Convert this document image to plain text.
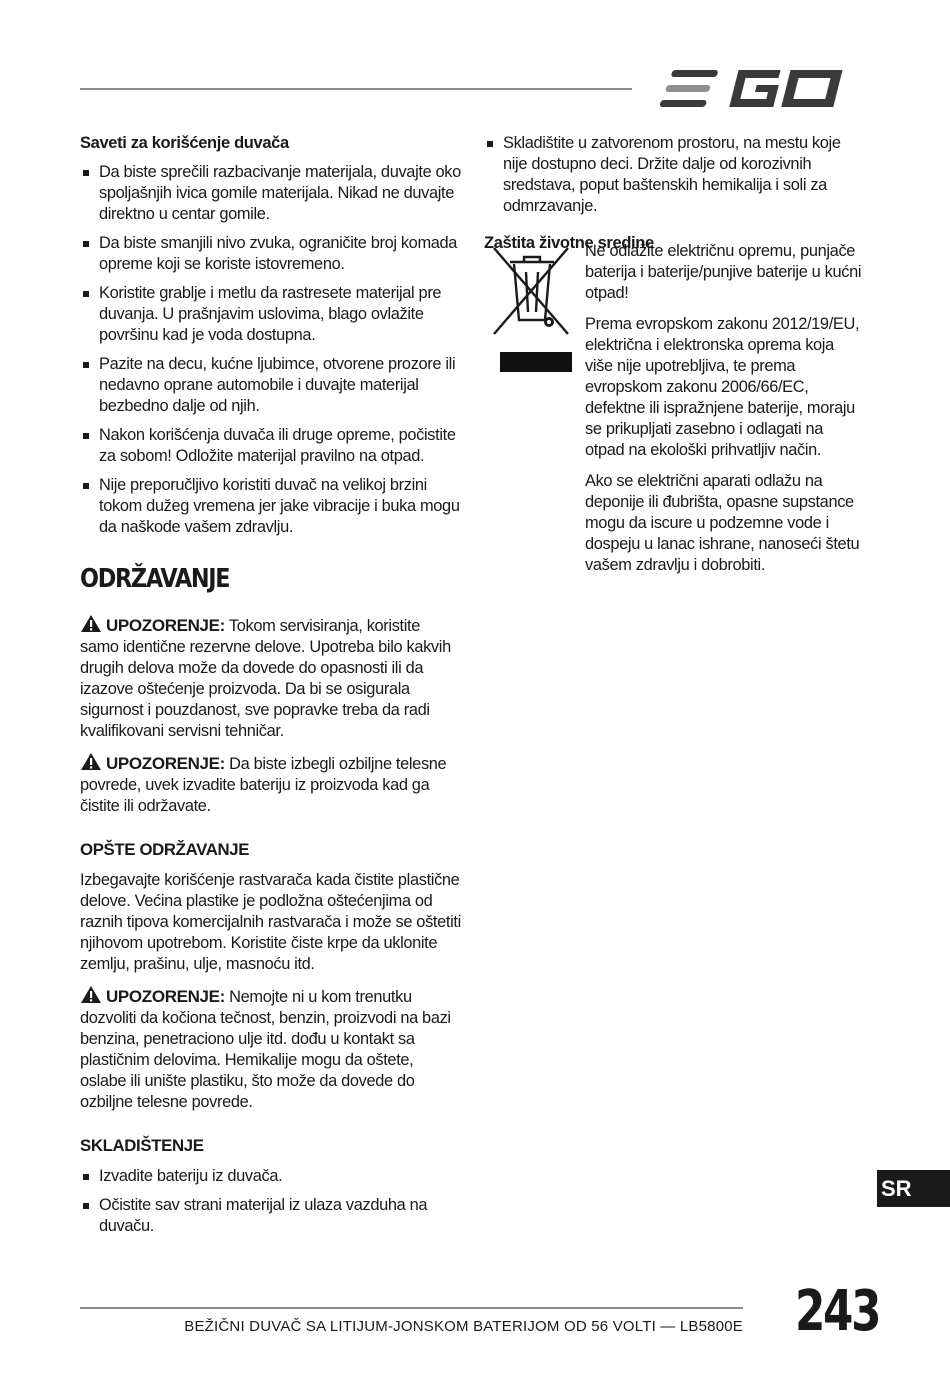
Saveti za korišćenje duvača
Da biste sprečili razbacivanje materijala, duvajte oko spoljašnjih ivica gomile materijala. Nikad ne duvajte direktno u centar gomile.
Da biste smanjili nivo zvuka, ograničite broj komada opreme koji se koriste istovremeno.
Koristite grablje i metlu da rastresete materijal pre duvanja. U prašnjavim uslovima, blago ovlažite površinu kad je voda dostupna.
Pazite na decu, kućne ljubimce, otvorene prozore ili nedavno oprane automobile i duvajte materijal bezbedno dalje od njih.
Nakon korišćenja duvača ili druge opreme, počistite za sobom! Odložite materijal pravilno na otpad.
Nije preporučljivo koristiti duvač na velikoj brzini tokom dužeg vremena jer jake vibracije i buka mogu da naškode vašem zdravlju.
ODRŽAVANJE

UPOZORENJE: Tokom servisiranja, koristite samo identične rezervne delove. Upotreba bilo kakvih drugih delova može da dovede do opasnosti ili da izazove oštećenje proizvoda. Da bi se osigurala sigurnost i pouzdanost, sve popravke treba da radi kvalifikovani servisni tehničar.

UPOZORENJE: Da biste izbegli ozbiljne telesne povrede, uvek izvadite bateriju iz proizvoda kad ga čistite ili održavate.

OPŠTE ODRŽAVANJE

Izbegavajte korišćenje rastvarača kada čistite plastične delove. Većina plastike je podložna oštećenjima od raznih tipova komercijalnih rastvarača i može se oštetiti njihovom upotrebom. Koristite čiste krpe da uklonite zemlju, prašinu, ulje, masnoću itd.

UPOZORENJE: Nemojte ni u kom trenutku dozvoliti da kočiona tečnost, benzin, proizvodi na bazi benzina, penetraciono ulje itd. dođu u kontakt sa plastičnim delovima. Hemikalije mogu da oštete, oslabe ili unište plastiku, što može da dovede do ozbiljne telesne povrede.

SKLADIŠTENJE
Izvadite bateriju iz duvača.
Očistite sav strani materijal iz ulaza vazduha na duvaču.
Skladištite u zatvorenom prostoru, na mestu koje nije dostupno deci. Držite dalje od korozivnih sredstava, poput baštenskih hemikalija i soli za odmrzavanje.
Zaštita životne sredine

Ne odlažite električnu opremu, punjače baterija i baterije/punjive baterije u kućni otpad!

Prema evropskom zakonu 2012/19/EU, električna i elektronska oprema koja više nije upotrebljiva, te prema evropskom zakonu 2006/66/EC, defektne ili ispražnjene baterije, moraju se prikupljati zasebno i odlagati na otpad na ekološki prihvatljiv način.

Ako se električni aparati odlažu na deponije ili đubrišta, opasne supstance mogu da iscure u podzemne vode i dospeju u lanac ishrane, nanoseći štetu vašem zdravlju i dobrobiti.

SR
BEŽIČNI DUVAČ SA LITIJUM-JONSKOM BATERIJOM OD 56 VOLTI — LB5800E 243
